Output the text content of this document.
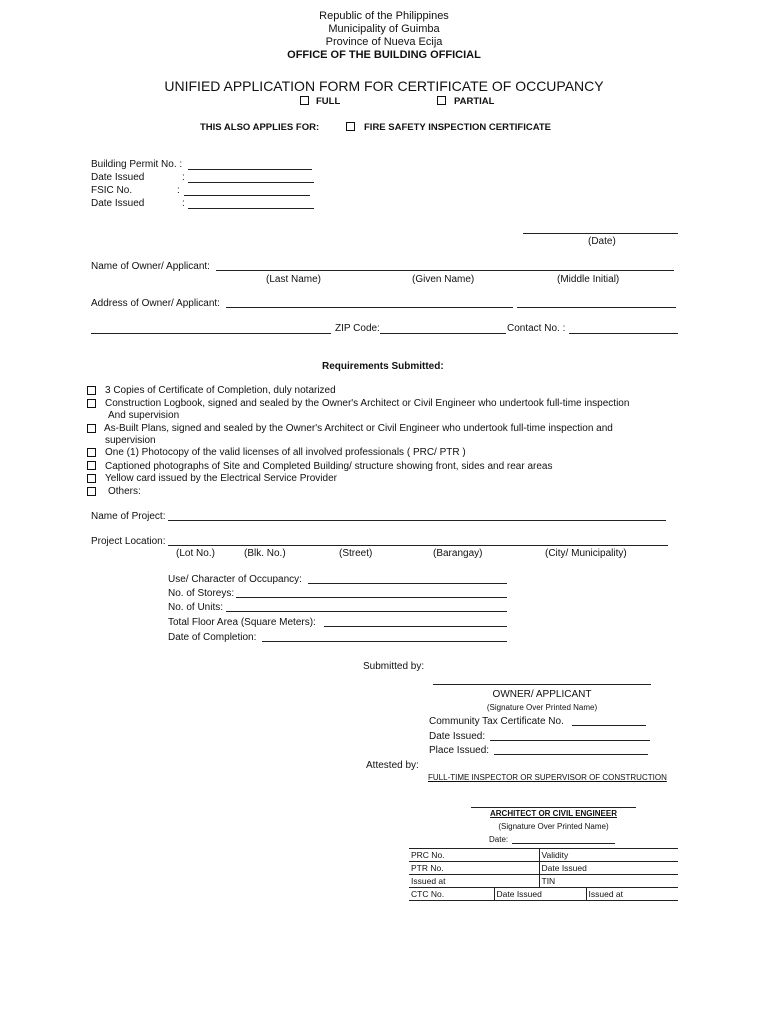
Republic of the Philippines
Municipality of Guimba
Province of Nueva Ecija
OFFICE OF THE BUILDING OFFICIAL
UNIFIED APPLICATION FORM FOR CERTIFICATE OF OCCUPANCY
FULL	PARTIAL
THIS ALSO APPLIES FOR:	FIRE SAFETY INSPECTION CERTIFICATE
Building Permit No. :
Date Issued	:
FSIC No.	:
Date Issued	:
(Date)
Name of Owner/ Applicant:
(Last Name)	(Given Name)	(Middle Initial)
Address of Owner/ Applicant:
ZIP Code:	Contact No. :
Requirements Submitted:
3 Copies of Certificate of Completion, duly notarized
Construction Logbook, signed and sealed by the Owner's Architect or Civil Engineer who undertook full-time inspection
And supervision
As-Built Plans, signed and sealed by the Owner's Architect or Civil Engineer who undertook full-time inspection and
supervision
One (1) Photocopy of the valid licenses of all involved professionals ( PRC/ PTR )
Captioned photographs of Site and Completed Building/ structure showing front, sides and rear areas
Yellow card issued by the Electrical Service Provider
Others:
Name of Project:
Project Location:
(Lot No.)	(Blk. No.)	(Street)	(Barangay)	(City/ Municipality)
Use/ Character of Occupancy:
No. of Storeys:
No. of Units:
Total Floor Area (Square Meters):
Date of Completion:
Submitted by:
OWNER/ APPLICANT
(Signature Over Printed Name)
Community Tax Certificate No.
Date Issued:
Place Issued:
Attested by:
FULL-TIME INSPECTOR OR SUPERVISOR OF CONSTRUCTION
ARCHITECT OR CIVIL ENGINEER
(Signature Over Printed Name)
Date:
PRC No.		Validity	
PTR No.		Date Issued	
Issued at		TIN	
CTC No.	Date Issued		Issued at
